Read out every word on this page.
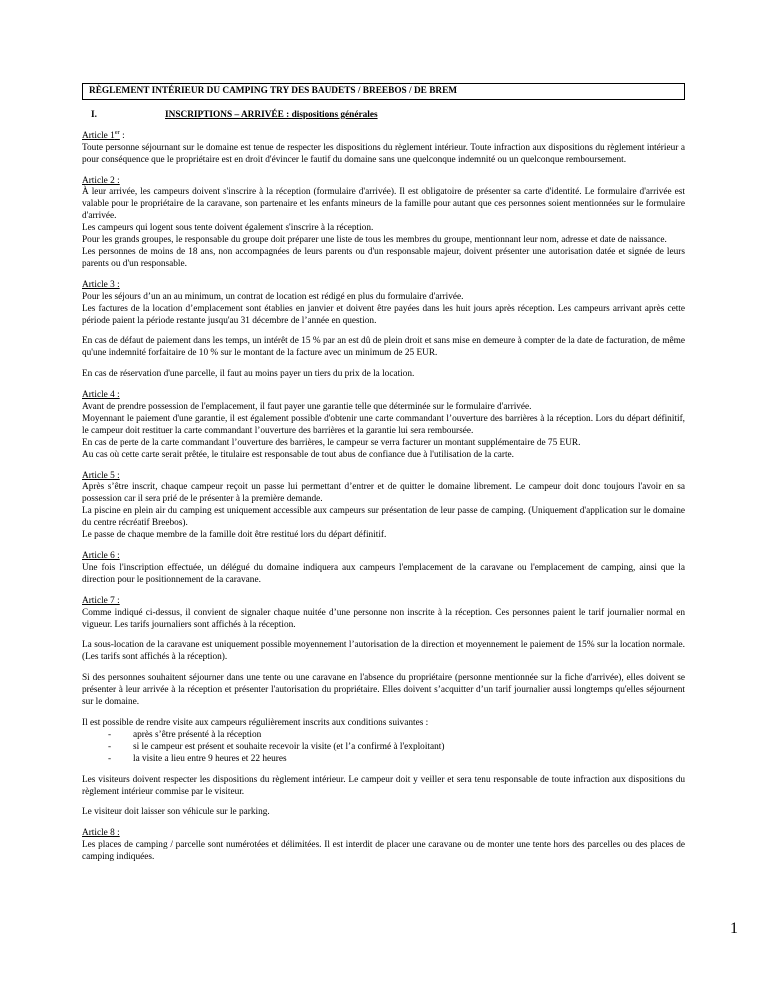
RÈGLEMENT INTÉRIEUR DU CAMPING TRY DES BAUDETS / BREEBOS / DE BREM
I.	INSCRIPTIONS – ARRIVÉE : dispositions générales
Article 1er :

Toute personne séjournant sur le domaine est tenue de respecter les dispositions du règlement intérieur. Toute infraction aux dispositions du règlement intérieur a pour conséquence que le propriétaire est en droit d'évincer le fautif du domaine sans une quelconque indemnité ou un quelconque remboursement.

Article 2 :

À leur arrivée, les campeurs doivent s'inscrire à la réception (formulaire d'arrivée). Il est obligatoire de présenter sa carte d'identité. Le formulaire d'arrivée est valable pour le propriétaire de la caravane, son partenaire et les enfants mineurs de la famille pour autant que ces personnes soient mentionnées sur le formulaire d'arrivée.

Les campeurs qui logent sous tente doivent également s'inscrire à la réception.

Pour les grands groupes, le responsable du groupe doit préparer une liste de tous les membres du groupe, mentionnant leur nom, adresse et date de naissance.

Les personnes de moins de 18 ans, non accompagnées de leurs parents ou d'un responsable majeur, doivent présenter une autorisation datée et signée de leurs parents ou d'un responsable.

Article 3 :

Pour les séjours d’un an au minimum, un contrat de location est rédigé en plus du formulaire d'arrivée.

Les factures de la location d’emplacement sont établies en janvier et doivent être payées dans les huit jours après réception. Les campeurs arrivant après cette période paient la période restante jusqu'au 31 décembre de l’année en question.

En cas de défaut de paiement dans les temps, un intérêt de 15 % par an est dû de plein droit et sans mise en demeure à compter de la date de facturation, de même qu'une indemnité forfaitaire de 10 % sur le montant de la facture avec un minimum de 25 EUR.

En cas de réservation d'une parcelle, il faut au moins payer un tiers du prix de la location.

Article 4 :

Avant de prendre possession de l'emplacement, il faut payer une garantie telle que déterminée sur le formulaire d'arrivée.

Moyennant le paiement d'une garantie, il est également possible d'obtenir une carte commandant l’ouverture des barrières à la réception. Lors du départ définitif, le campeur doit restituer la carte commandant l’ouverture des barrières et la garantie lui sera remboursée.

En cas de perte de la carte commandant l’ouverture des barrières, le campeur se verra facturer un montant supplémentaire de 75 EUR.

Au cas où cette carte serait prêtée, le titulaire est responsable de tout abus de confiance due à l'utilisation de la carte.

Article 5 :

Après s’être inscrit, chaque campeur reçoit un passe lui permettant d’entrer et de quitter le domaine librement. Le campeur doit donc toujours l'avoir en sa possession car il sera prié de le présenter à la première demande.

La piscine en plein air du camping est uniquement accessible aux campeurs sur présentation de leur passe de camping. (Uniquement d'application sur le domaine du centre récréatif Breebos).

Le passe de chaque membre de la famille doit être restitué lors du départ définitif.

Article 6 :

Une fois l'inscription effectuée, un délégué du domaine indiquera aux campeurs l'emplacement de la caravane ou l'emplacement de camping, ainsi que la direction pour le positionnement de la caravane.

Article 7 :

Comme indiqué ci-dessus, il convient de signaler chaque nuitée d’une personne non inscrite à la réception. Ces personnes paient le tarif journalier normal en vigueur. Les tarifs journaliers sont affichés à la réception.

La sous-location de la caravane est uniquement possible moyennement l’autorisation de la direction et moyennement le paiement de 15% sur la location normale. (Les tarifs sont affichés à la réception).

Si des personnes souhaitent séjourner dans une tente ou une caravane en l'absence du propriétaire (personne mentionnée sur la fiche d'arrivée), elles doivent se présenter à leur arrivée à la réception et présenter l'autorisation du propriétaire. Elles doivent s’acquitter d’un tarif journalier aussi longtemps qu'elles séjournent sur le domaine.

Il est possible de rendre visite aux campeurs régulièrement inscrits aux conditions suivantes :
-	après s’être présenté à la réception
-	si le campeur est présent et souhaite recevoir la visite (et l’a confirmé à l'exploitant)
-	la visite a lieu entre 9 heures et 22 heures

Les visiteurs doivent respecter les dispositions du règlement intérieur. Le campeur doit y veiller et sera tenu responsable de toute infraction aux dispositions du règlement intérieur commise par le visiteur.

Le visiteur doit laisser son véhicule sur le parking.

Article 8 :

Les places de camping / parcelle sont numérotées et délimitées. Il est interdit de placer une caravane ou de monter une tente hors des parcelles ou des places de camping indiquées.

1
